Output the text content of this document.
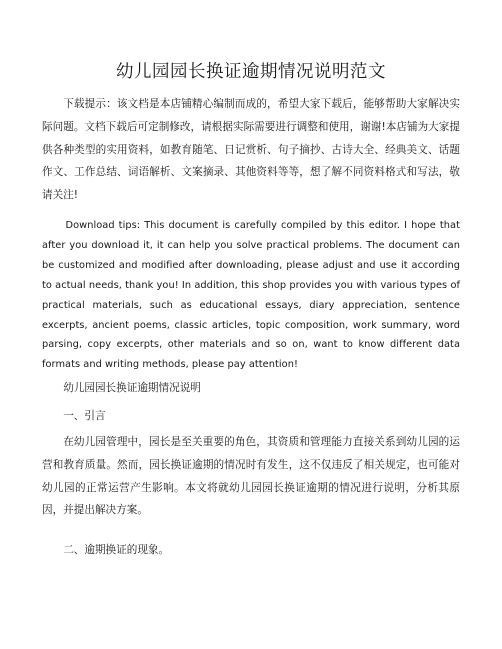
幼儿园园长换证逾期情况说明范文

下载提示：该文档是本店铺精心编制而成的，希望大家下载后，能够帮助大家解决实际问题。文档下载后可定制修改，请根据实际需要进行调整和使用，谢谢!本店铺为大家提供各种类型的实用资料，如教育随笔、日记赏析、句子摘抄、古诗大全、经典美文、话题作文、工作总结、词语解析、文案摘录、其他资料等等，想了解不同资料格式和写法，敬请关注!

Download tips: This document is carefully compiled by this editor. I hope that after you download it, it can help you solve practical problems. The document can be customized and modified after downloading, please adjust and use it according to actual needs, thank you! In addition, this shop provides you with various types of practical materials, such as educational essays, diary appreciation, sentence excerpts, ancient poems, classic articles, topic composition, work summary, word parsing, copy excerpts, other materials and so on, want to know different data formats and writing methods, please pay attention!

幼儿园园长换证逾期情况说明

一、引言

在幼儿园管理中，园长是至关重要的角色，其资质和管理能力直接关系到幼儿园的运营和教育质量。然而，园长换证逾期的情况时有发生，这不仅违反了相关规定，也可能对幼儿园的正常运营产生影响。本文将就幼儿园园长换证逾期的情况进行说明，分析其原因，并提出解决方案。

二、逾期换证的现象。
